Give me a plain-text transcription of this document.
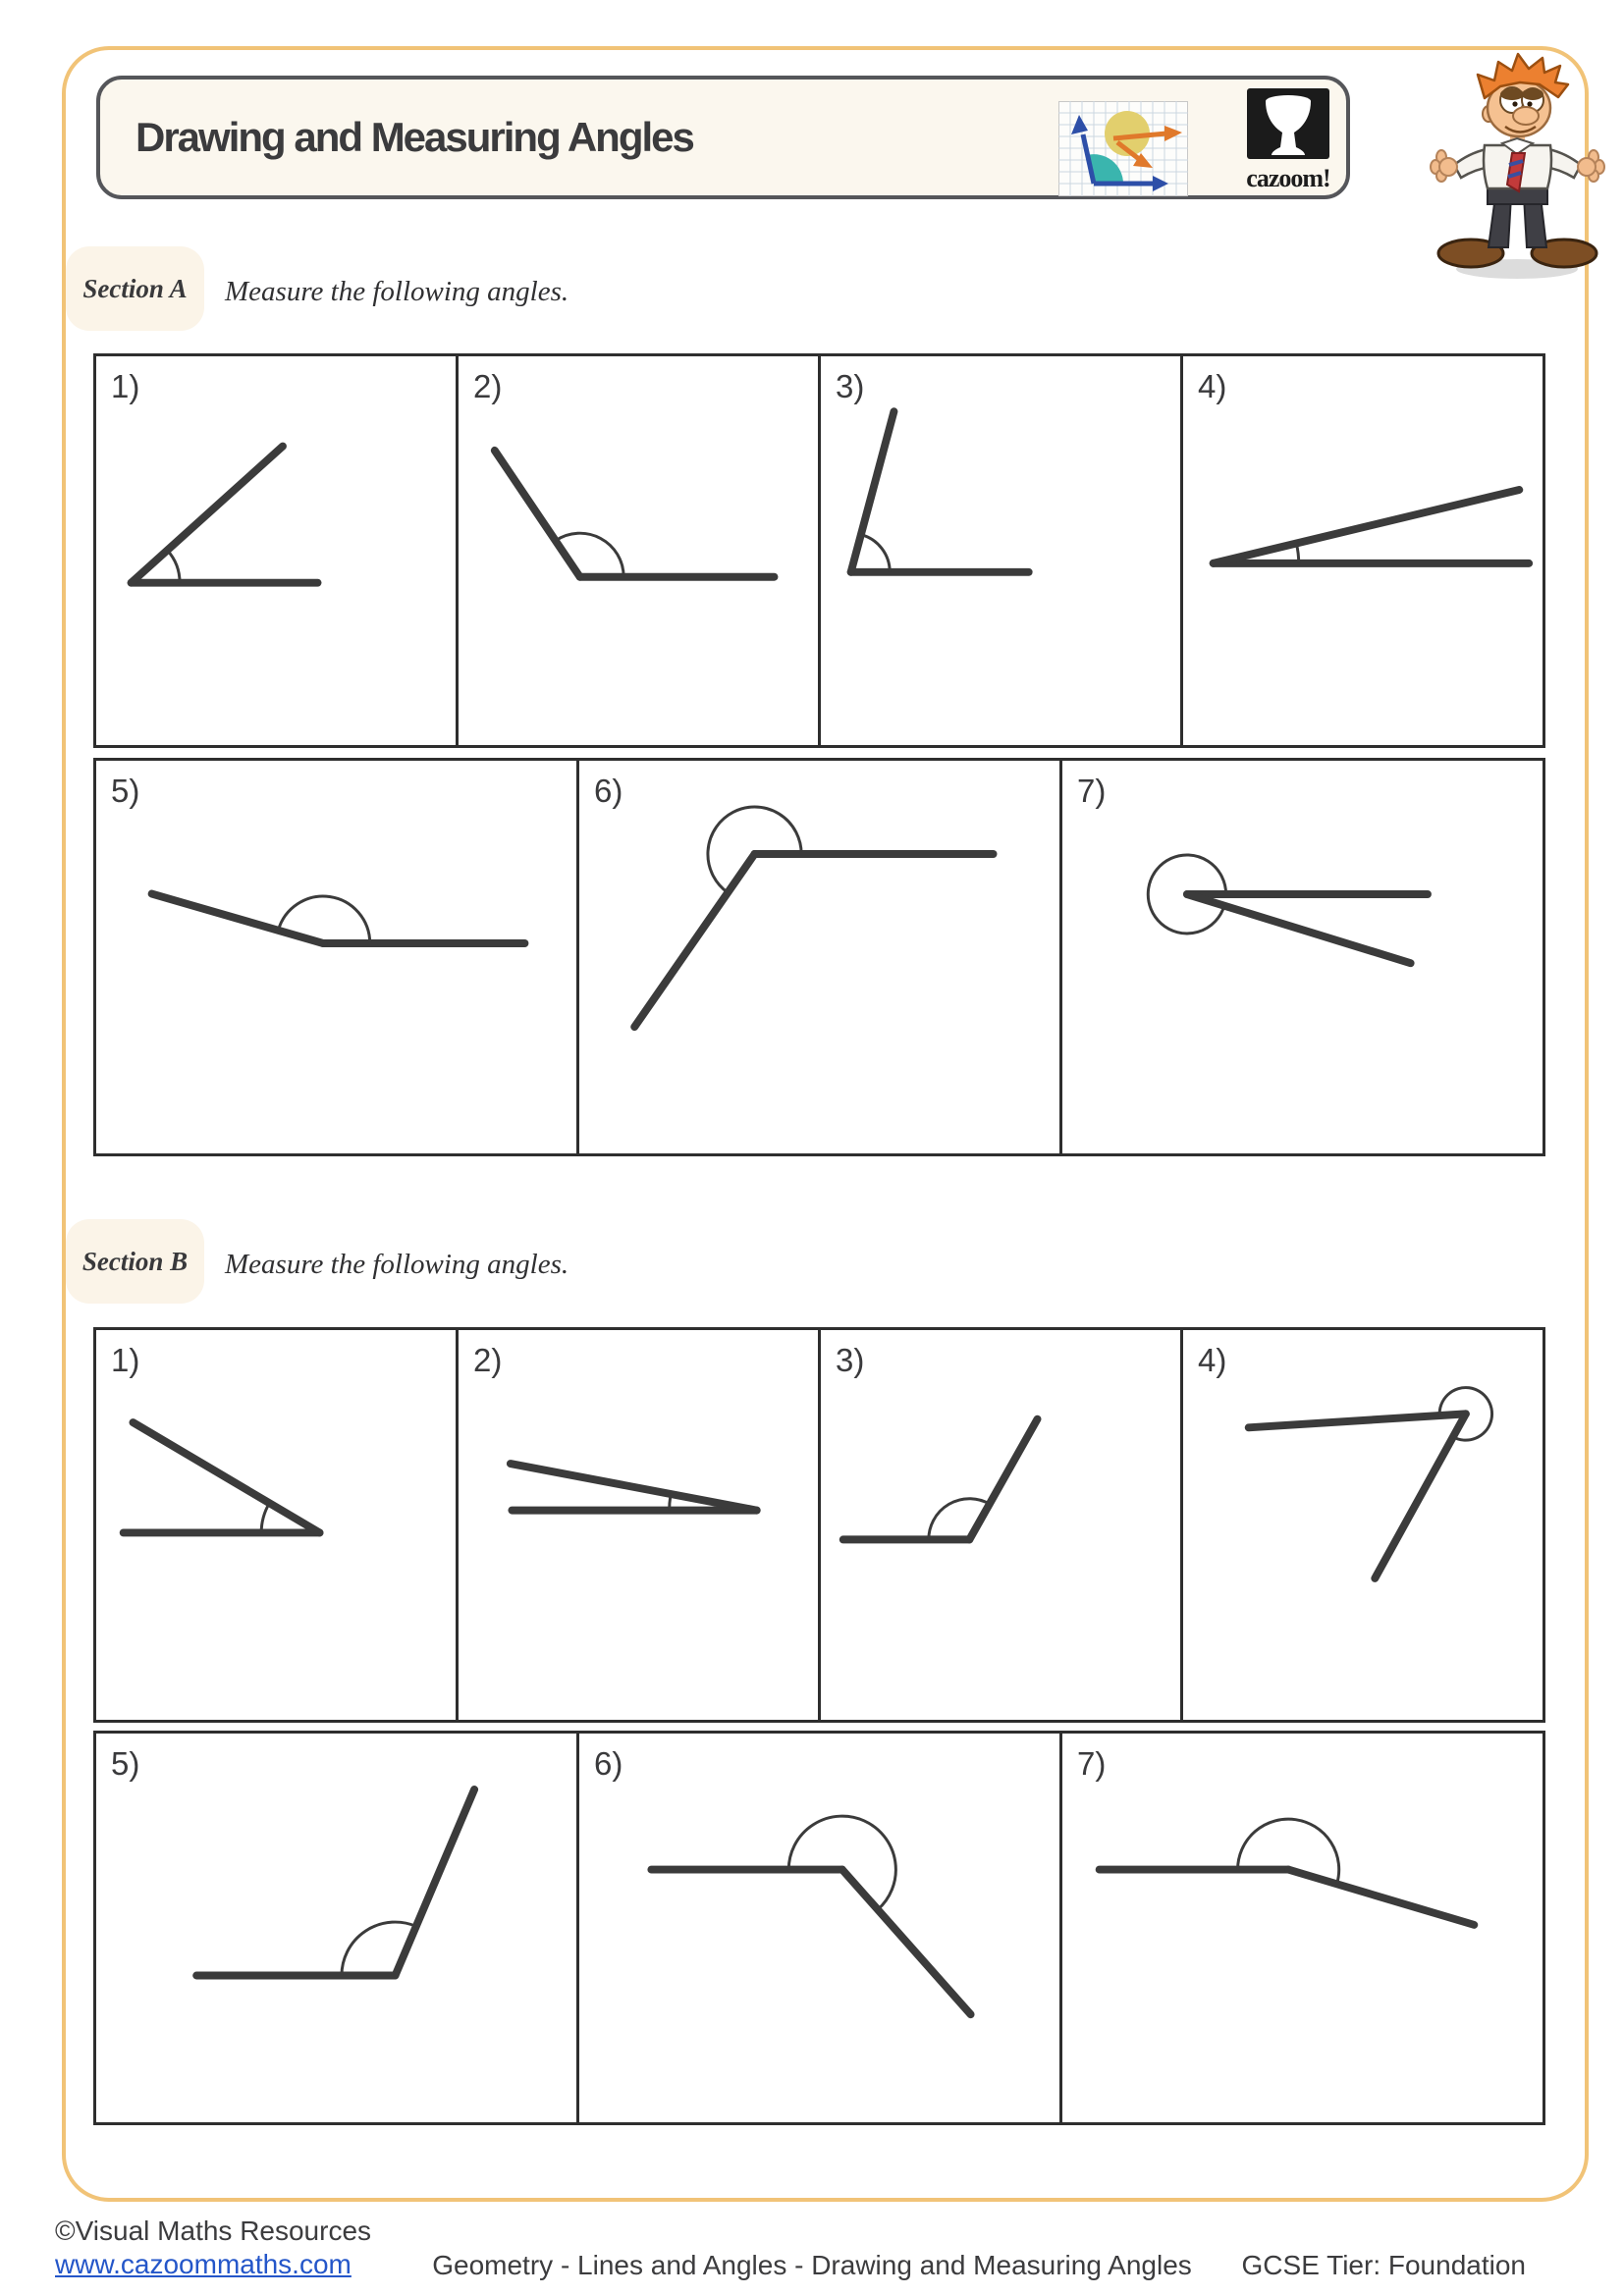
Drawing and Measuring Angles
cazoom!
Section A	Measure the following angles.
1)	2)	3)	4)
5)	6)	7)
Section B	Measure the following angles.
1)	2)	3)	4)
5)	6)	7)
©Visual Maths Resources
www.cazoommaths.com	Geometry - Lines and Angles - Drawing and Measuring Angles GCSE Tier: Foundation
